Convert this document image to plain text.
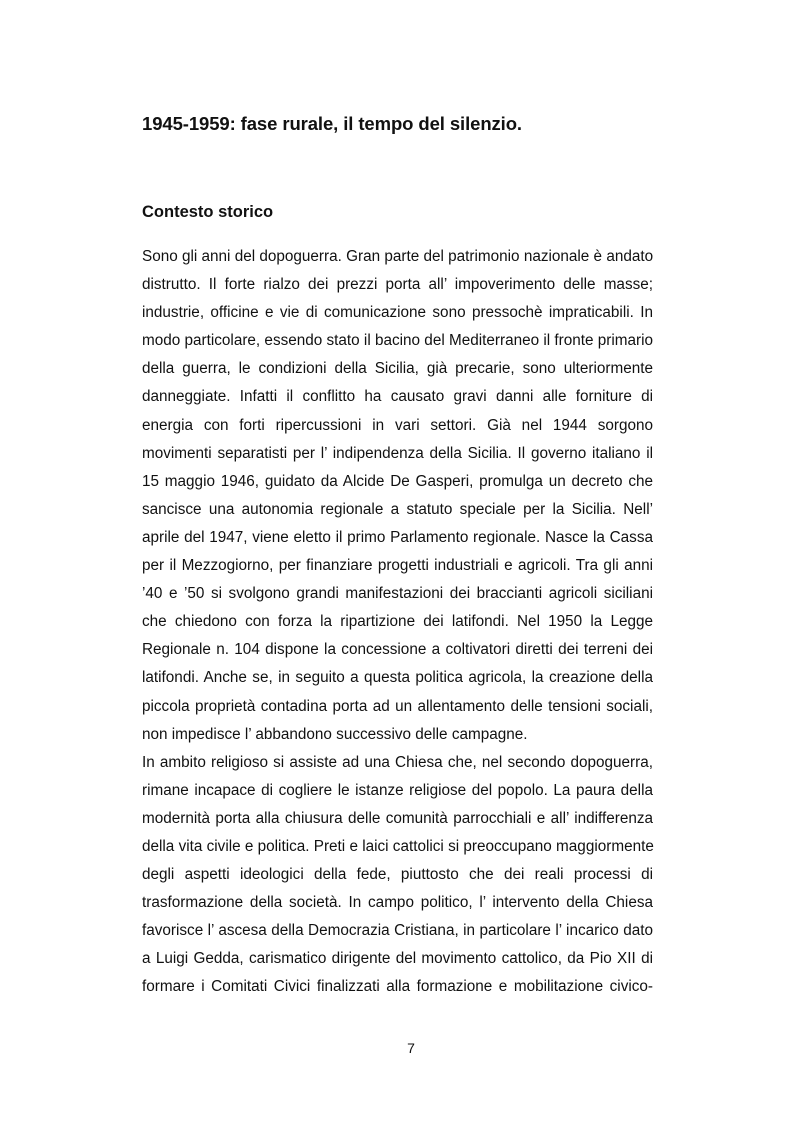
1945-1959: fase rurale, il tempo del silenzio.
Contesto storico
Sono gli anni del dopoguerra. Gran parte del patrimonio nazionale è andato
distrutto. Il forte rialzo dei prezzi porta all’ impoverimento delle masse;
industrie, officine e vie di comunicazione sono pressochè impraticabili. In
modo particolare, essendo stato il bacino del Mediterraneo il fronte primario
della guerra, le condizioni della Sicilia, già precarie, sono ulteriormente
danneggiate. Infatti il conflitto ha causato gravi danni alle forniture di
energia con forti ripercussioni in vari settori. Già nel 1944 sorgono
movimenti separatisti per l’ indipendenza della Sicilia. Il governo italiano il
15 maggio 1946, guidato da Alcide De Gasperi, promulga un decreto che
sancisce una autonomia regionale a statuto speciale per la Sicilia. Nell’
aprile del 1947, viene eletto il primo Parlamento regionale. Nasce la Cassa
per il Mezzogiorno, per finanziare progetti industriali e agricoli. Tra gli anni
’40 e ’50 si svolgono grandi manifestazioni dei braccianti agricoli siciliani
che chiedono con forza la ripartizione dei latifondi. Nel 1950 la Legge
Regionale n. 104 dispone la concessione a coltivatori diretti dei terreni dei
latifondi. Anche se, in seguito a questa politica agricola, la creazione della
piccola proprietà contadina porta ad un allentamento delle tensioni sociali,
non impedisce l’ abbandono successivo delle campagne.
In ambito religioso si assiste ad una Chiesa che, nel secondo dopoguerra,
rimane incapace di cogliere le istanze religiose del popolo. La paura della
modernità porta alla chiusura delle comunità parrocchiali e all’ indifferenza
della vita civile e politica. Preti e laici cattolici si preoccupano maggiormente
degli aspetti ideologici della fede, piuttosto che dei reali processi di
trasformazione della società. In campo politico, l’ intervento della Chiesa
favorisce l’ ascesa della Democrazia Cristiana, in particolare l’ incarico dato
a Luigi Gedda, carismatico dirigente del movimento cattolico, da Pio XII di
formare i Comitati Civici finalizzati alla formazione e mobilitazione civico-
7
